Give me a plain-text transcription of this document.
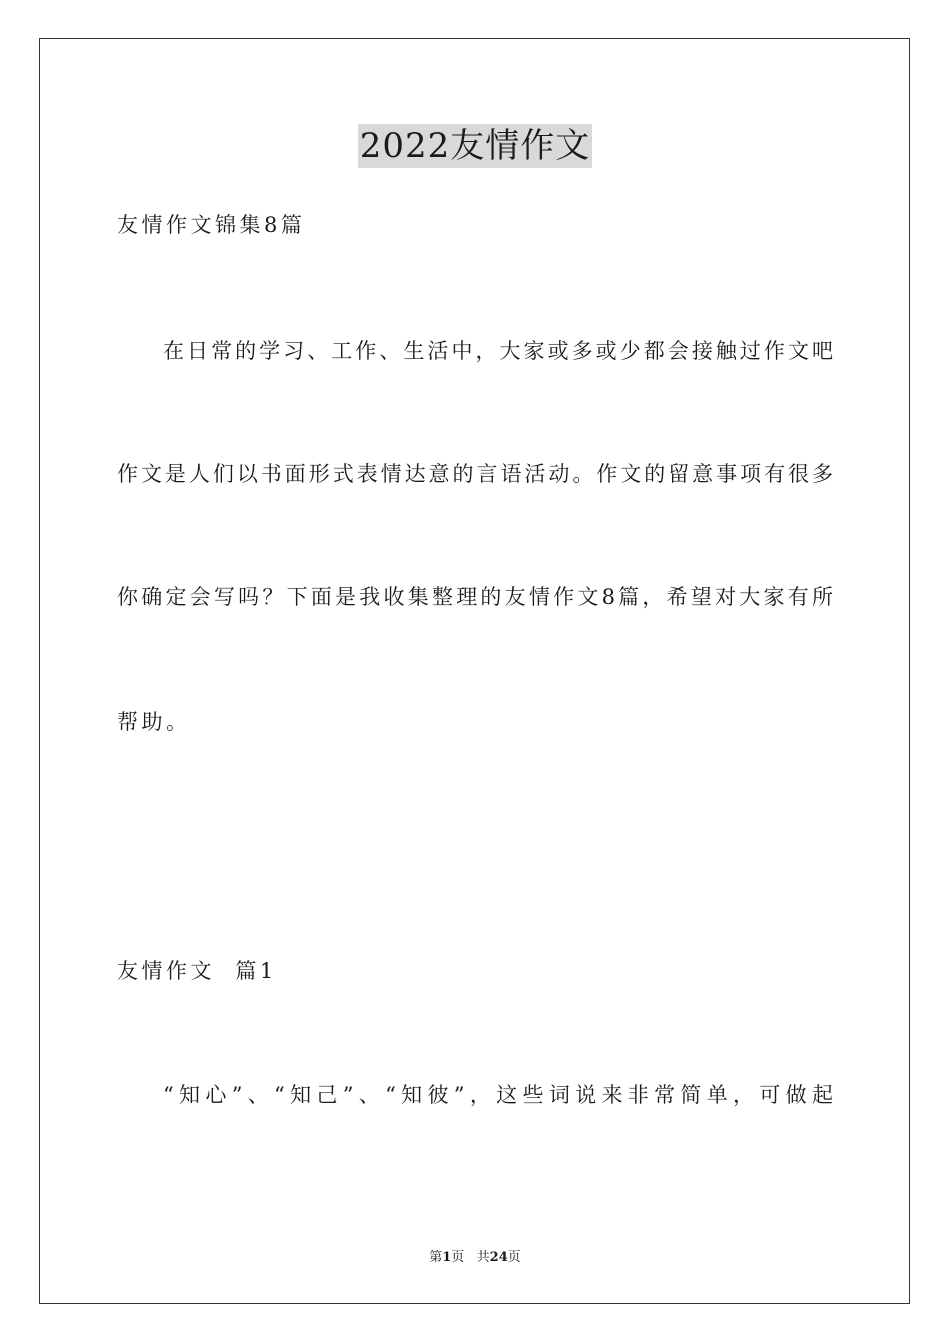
2022友情作文
友情作文锦集8篇
在日常的学习、工作、生活中，大家或多或少都会接触过作文吧
作文是人们以书面形式表情达意的言语活动。作文的留意事项有很多
你确定会写吗？下面是我收集整理的友情作文8篇，希望对大家有所
帮助。
友情作文  篇1
“知心”、“知己”、“知彼”，这些词说来非常简单，可做起
第1页   共24页
